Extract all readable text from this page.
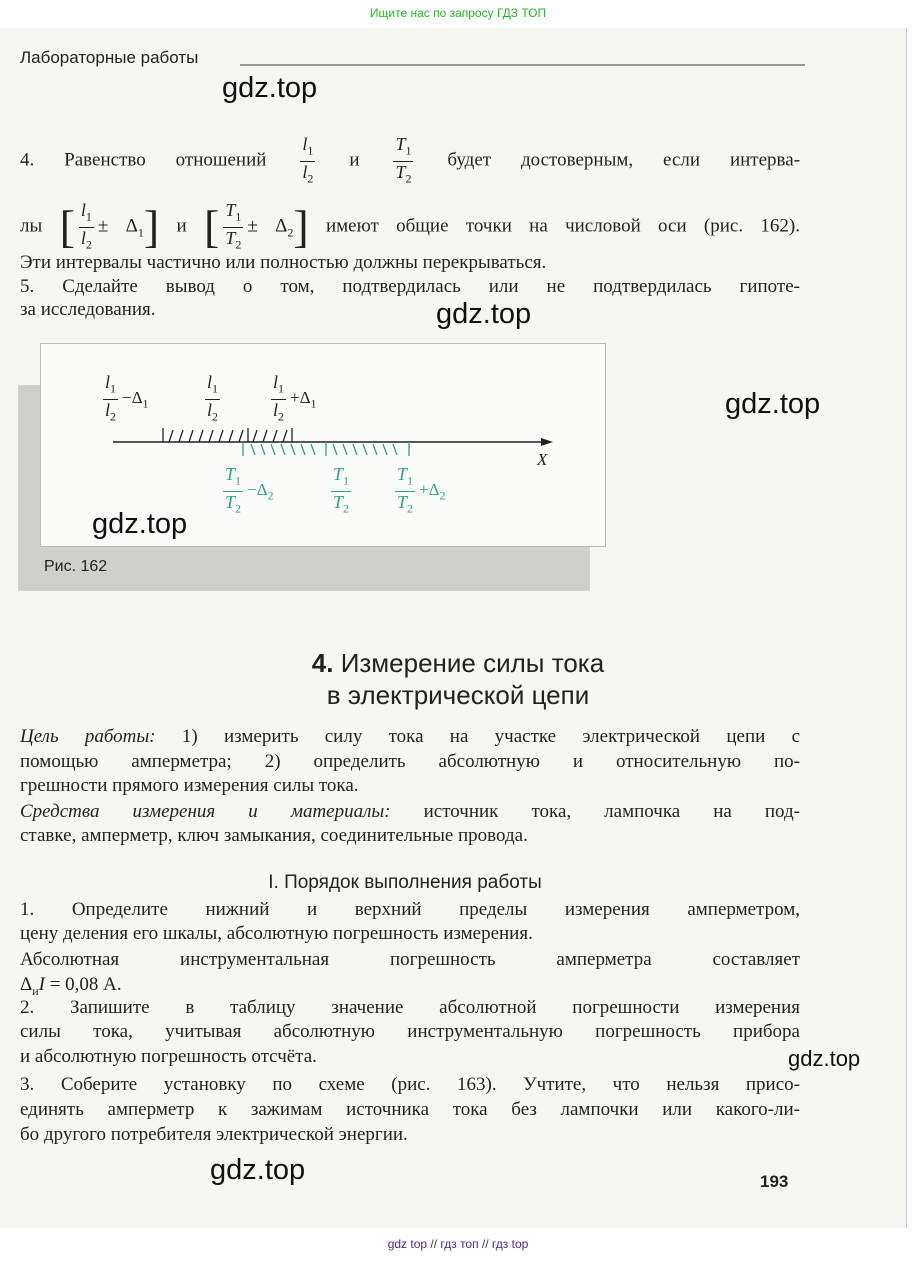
Ищите нас по запросу ГДЗ ТОП
Лабораторные работы
gdz.top
4. Равенство отношений $\frac{l_1}{l_2}$ и $\frac{T_1}{T_2}$ будет достоверным, если интерва-
лы [ $\frac{l_1}{l_2} \pm \Delta_1$] и [ $\frac{T_1}{T_2} \pm \Delta_2$] имеют общие точки на числовой оси (рис. 162).
Эти интервалы частично или полностью должны перекрываться.
5. Сделайте вывод о том, подтвердилась или не подтвердилась гипоте-
за исследования.	gdz.top
$\frac{l_1}{l_2} -\Delta_1$	$\frac{l_1}{l_2}$	$\frac{l_1}{l_2} +\Delta_1$
X
$\frac{T_1}{T_2} -\Delta_2$	$\frac{T_1}{T_2} \frac{T_1}{T_2} +\Delta_2$
Рис. 162
gdz.top
gdz.top
4. Измерение силы тока
в электрической цепи
Цель работы: 1) измерить силу тока на участке электрической цепи с
помощью амперметра; 2) определить абсолютную и относительную по-
грешности прямого измерения силы тока.
Средства измерения и материалы: источник тока, лампочка на под-
ставке, амперметр, ключ замыкания, соединительные провода.
I. Порядок выполнения работы
1. Определите нижний и верхний пределы измерения амперметром,
цену деления его шкалы, абсолютную погрешность измерения.
Абсолютная инструментальная погрешность амперметра составляет
$\Delta_иI = 0,08$ А.
2. Запишите в таблицу значение абсолютной погрешности измерения
силы тока, учитывая абсолютную инструментальную погрешность прибора
и абсолютную погрешность отсчёта.
3. Соберите установку по схеме (рис. 163). Учтите, что нельзя присо-
единять амперметр к зажимам источника тока без лампочки или какого-ли-
бо другого потребителя электрической энергии.
gdz.top
gdz.top	193
gdz top // гдз топ // гдз top
